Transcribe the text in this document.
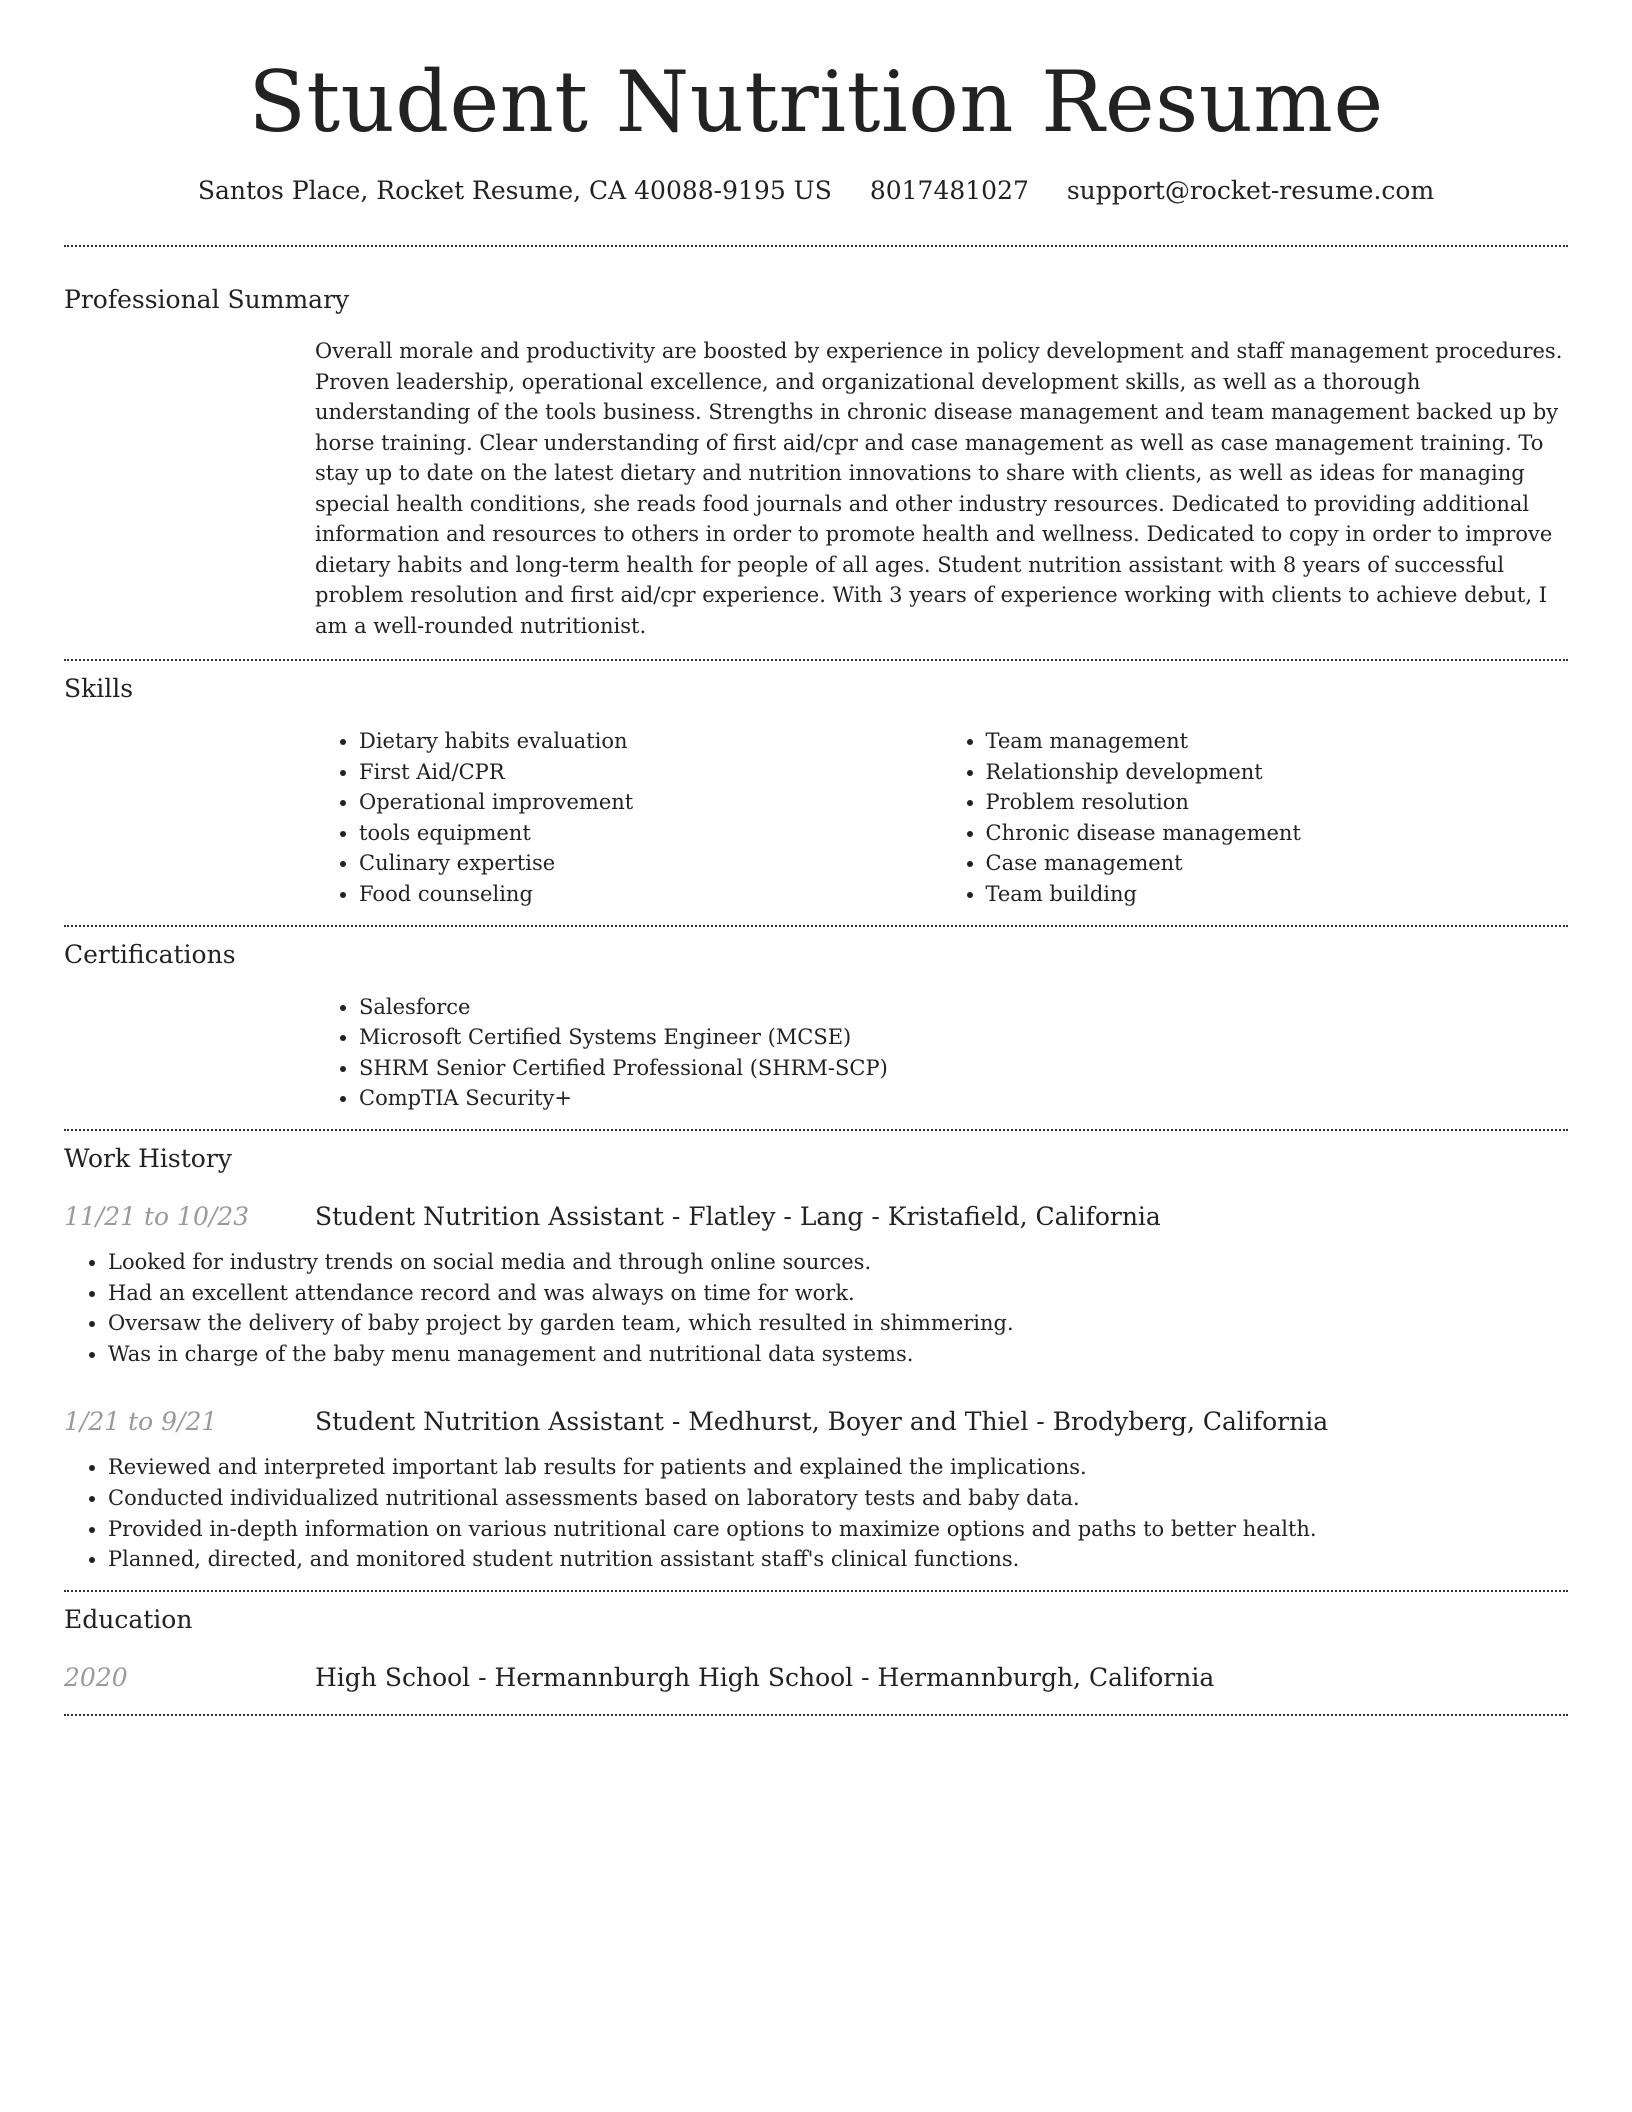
Student Nutrition Resume
Santos Place, Rocket Resume, CA 40088-9195 US 8017481027 support@rocket-resume.com
Professional Summary

Overall morale and productivity are boosted by experience in policy development and staff management procedures. Proven leadership, operational excellence, and organizational development skills, as well as a thorough understanding of the tools business. Strengths in chronic disease management and team management backed up by horse training. Clear understanding of first aid/cpr and case management as well as case management training. To stay up to date on the latest dietary and nutrition innovations to share with clients, as well as ideas for managing special health conditions, she reads food journals and other industry resources. Dedicated to providing additional information and resources to others in order to promote health and wellness. Dedicated to copy in order to improve dietary habits and long-term health for people of all ages. Student nutrition assistant with 8 years of successful problem resolution and first aid/cpr experience. With 3 years of experience working with clients to achieve debut, I am a well-rounded nutritionist.

Skills
• Dietary habits evaluation
• First Aid/CPR
• Operational improvement
• tools equipment
• Culinary expertise
• Food counseling
• Team management
• Relationship development
• Problem resolution
• Chronic disease management
• Case management
• Team building
Certifications
• Salesforce
• Microsoft Certified Systems Engineer (MCSE)
• SHRM Senior Certified Professional (SHRM-SCP)
• CompTIA Security+
Work History
11/21 to 10/23	Student Nutrition Assistant - Flatley - Lang - Kristafield, California
• Looked for industry trends on social media and through online sources.
• Had an excellent attendance record and was always on time for work.
• Oversaw the delivery of baby project by garden team, which resulted in shimmering.
• Was in charge of the baby menu management and nutritional data systems.
1/21 to 9/21	Student Nutrition Assistant - Medhurst, Boyer and Thiel - Brodyberg, California
• Reviewed and interpreted important lab results for patients and explained the implications.
• Conducted individualized nutritional assessments based on laboratory tests and baby data.
• Provided in-depth information on various nutritional care options to maximize options and paths to better health.
• Planned, directed, and monitored student nutrition assistant staff's clinical functions.
Education
2020	High School - Hermannburgh High School - Hermannburgh, California
